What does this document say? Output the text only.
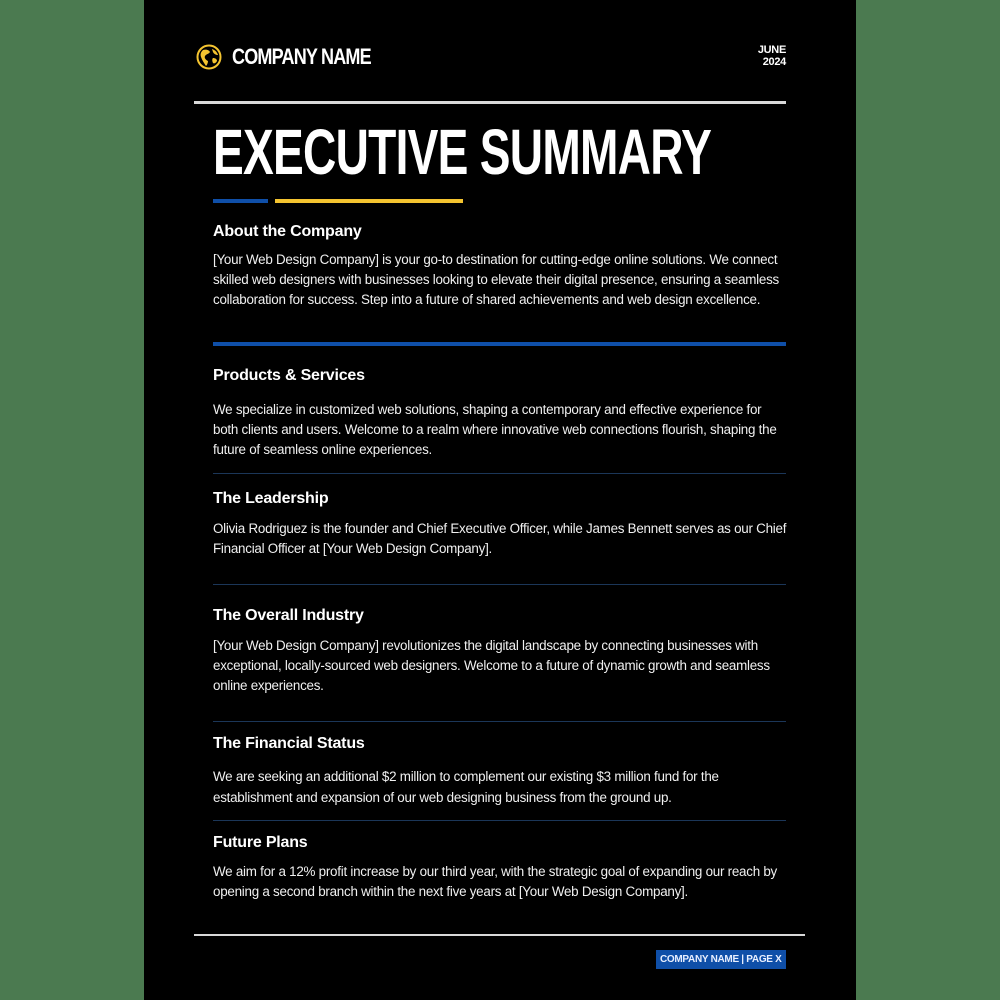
COMPANY NAME	JUNE
2024
EXECUTIVE SUMMARY
About the Company

[Your Web Design Company] is your go-to destination for cutting-edge online solutions. We connect skilled web designers with businesses looking to elevate their digital presence, ensuring a seamless collaboration for success. Step into a future of shared achievements and web design excellence.

Products & Services

We specialize in customized web solutions, shaping a contemporary and effective experience for both clients and users. Welcome to a realm where innovative web connections flourish, shaping the future of seamless online experiences.

The Leadership

Olivia Rodriguez is the founder and Chief Executive Officer, while James Bennett serves as our Chief Financial Officer at [Your Web Design Company].

The Overall Industry

[Your Web Design Company] revolutionizes the digital landscape by connecting businesses with exceptional, locally-sourced web designers. Welcome to a future of dynamic growth and seamless online experiences.

The Financial Status

We are seeking an additional $2 million to complement our existing $3 million fund for the establishment and expansion of our web designing business from the ground up.

Future Plans

We aim for a 12% profit increase by our third year, with the strategic goal of expanding our reach by opening a second branch within the next five years at [Your Web Design Company].

COMPANY NAME | PAGE X
